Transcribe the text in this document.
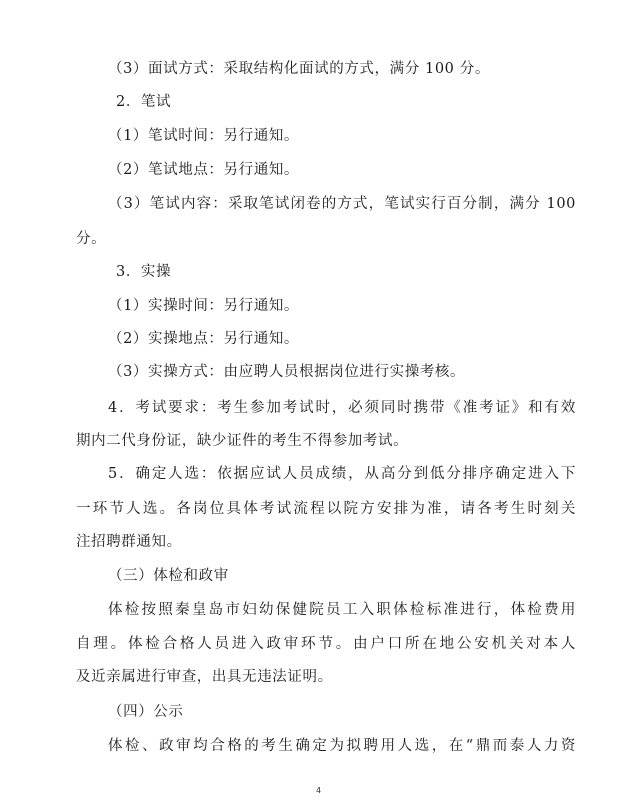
（3）面试方式：采取结构化面试的方式，满分 100 分。
2．笔试
（1）笔试时间：另行通知。
（2）笔试地点：另行通知。
（3）笔试内容：采取笔试闭卷的方式，笔试实行百分制，满分 100
分。
3．实操
（1）实操时间：另行通知。
（2）实操地点：另行通知。
（3）实操方式：由应聘人员根据岗位进行实操考核。
4．考试要求：考生参加考试时，必须同时携带《准考证》和有效
期内二代身份证，缺少证件的考生不得参加考试。
5．确定人选：依据应试人员成绩，从高分到低分排序确定进入下
一环节人选。各岗位具体考试流程以院方安排为准，请各考生时刻关
注招聘群通知。
（三）体检和政审
体检按照秦皇岛市妇幼保健院员工入职体检标准进行，体检费用
自理。体检合格人员进入政审环节。由户口所在地公安机关对本人
及近亲属进行审查，出具无违法证明。
（四）公示
体检、政审均合格的考生确定为拟聘用人选，在“鼎而泰人力资
4
